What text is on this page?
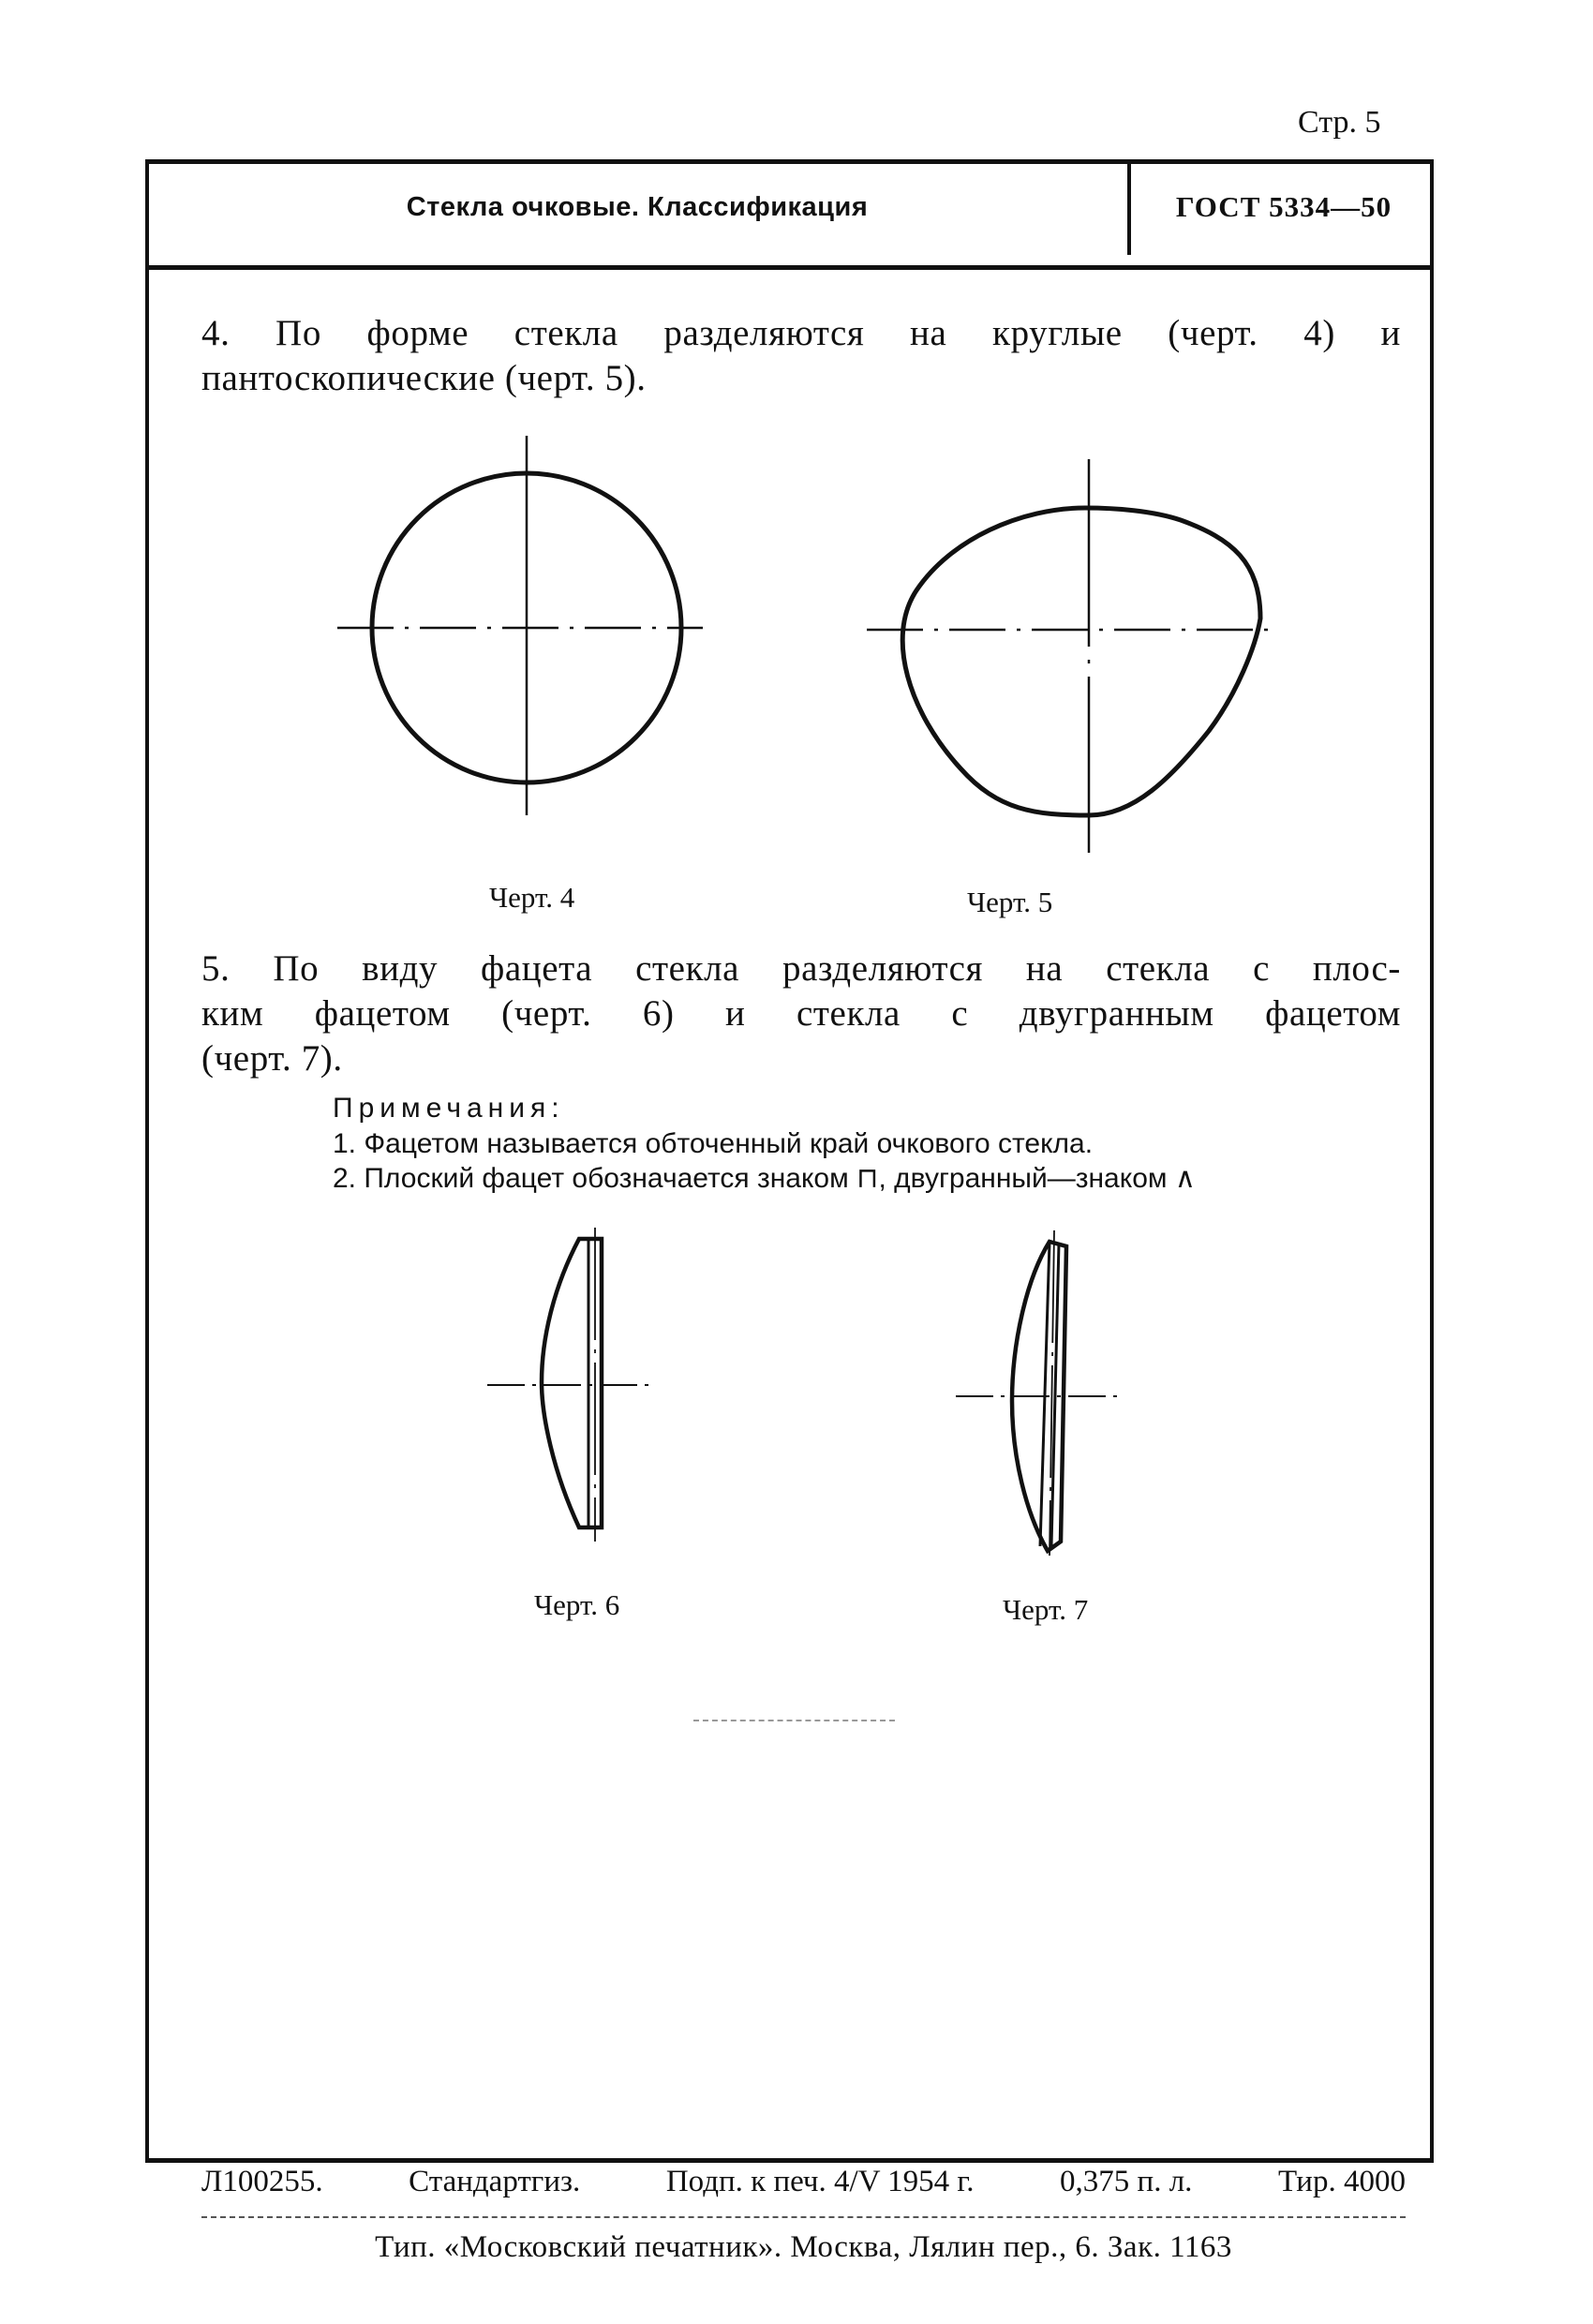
Стр. 5
Стекла очковые. Классификация	ГОСТ 5334—50
4. По форме стекла разделяются на круглые (черт. 4) и
пантоскопические (черт. 5).
Черт. 4	Черт. 5
5. По виду фацета стекла разделяются на стекла с плос-
ким фацетом (черт. 6) и стекла с двугранным фацетом
(черт. 7).
Примечания:
1. Фацетом называется обточенный край очкового стекла.
2. Плоский фацет обозначается знаком ⊓, двугранный—знаком ∧
Черт. 6	Черт. 7
Л100255.	Стандартгиз.	Подп. к печ. 4/V 1954 г.	0,375 п. л.	Тир. 4000
Тип. «Московский печатник». Москва, Лялин пер., 6. Зак. 1163
